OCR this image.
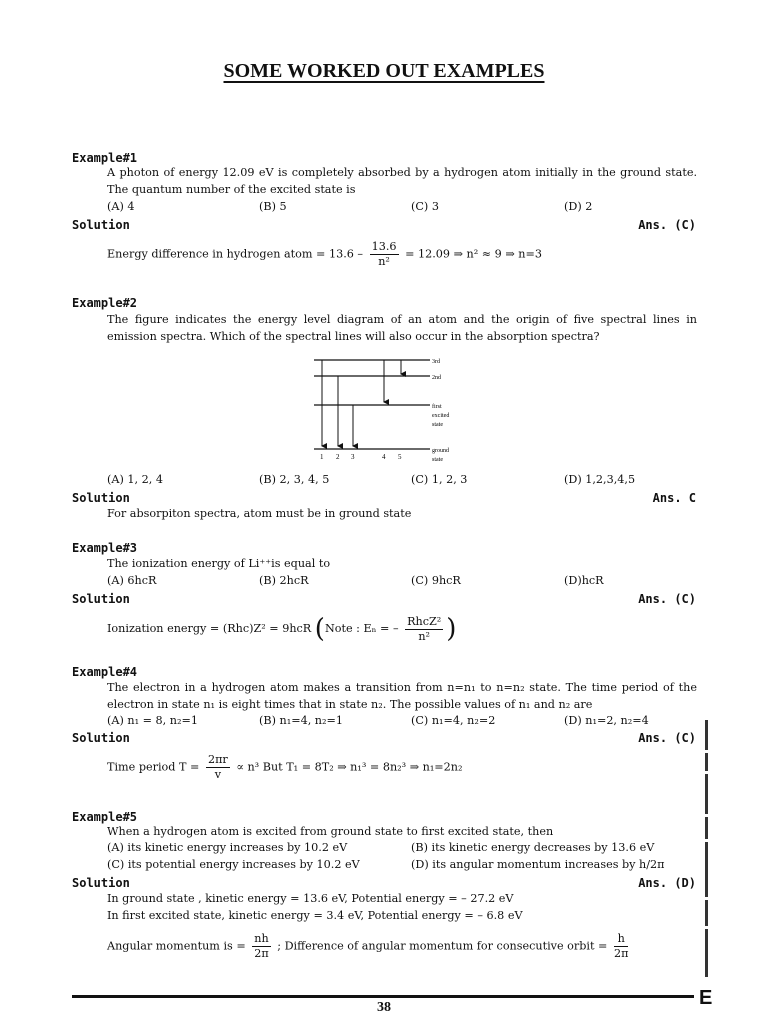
SOME WORKED OUT EXAMPLES
Example#1
A photon of energy 12.09 eV is completely absorbed by a hydrogen atom initially in the ground state. The quantum number of the excited state is
(A) 4	(B) 5	(C) 3	(D) 2
Solution	Ans. (C)
Energy difference in hydrogen atom = $13.6 - \frac{13.6}{\text{n²}} = 12.09$ ⇒ n² ≈ 9 ⇒ n=3
Example#2
The figure indicates the energy level diagram of an atom and the origin of five spectral lines in emission spectra. Which of the spectral lines will also occur in the absorption spectra?
3rd
2nd
first
excited
state
ground
state
1 2 3	4 5
(A) 1, 2, 4	(B) 2, 3, 4, 5	(C) 1, 2, 3	(D) 1,2,3,4,5
Solution	Ans. C
For absorpiton spectra, atom must be in ground state
Example#3
The ionization energy of Li⁺⁺is equal to
(A) 6hcR	(B) 2hcR	(C) 9hcR	(D)hcR
Solution	Ans. (C)
Ionization energy = (Rhc)Z² = 9hcR (Note : Eₙ = – $\frac{\text{RhcZ²}}{\text{n²}}$ )
Example#4
The electron in a hydrogen atom makes a transition from n=n₁ to n=n₂ state. The time period of the electron in state n₁ is eight times that in state n₂. The possible values of n₁ and n₂ are
(A) n₁ = 8, n₂=1	(B) n₁=4, n₂=1	(C) n₁=4, n₂=2	(D) n₁=2, n₂=4
Solution	Ans. (C)
Time period $T = \frac{2\pi r}{v} \propto n^3$ But T₁ = 8T₂ ⇒ n₁³ = 8n₂³ ⇒ n₁=2n₂
Example#5
When a hydrogen atom is excited from ground state to first excited state, then
(A) its kinetic energy increases by 10.2 eV	(B) its kinetic energy decreases by 13.6 eV
(C) its potential energy increases by 10.2 eV	(D) its angular momentum increases by h/2π
Solution	Ans. (D)
In ground state , kinetic energy = 13.6 eV, Potential energy = – 27.2 eV
In first excited state, kinetic energy = 3.4 eV, Potential energy = – 6.8 eV
Angular momentum is = $\frac{nh}{2\pi}$ ; Difference of angular momentum for consecutive orbit = $\frac{h}{2\pi}$
E
38
